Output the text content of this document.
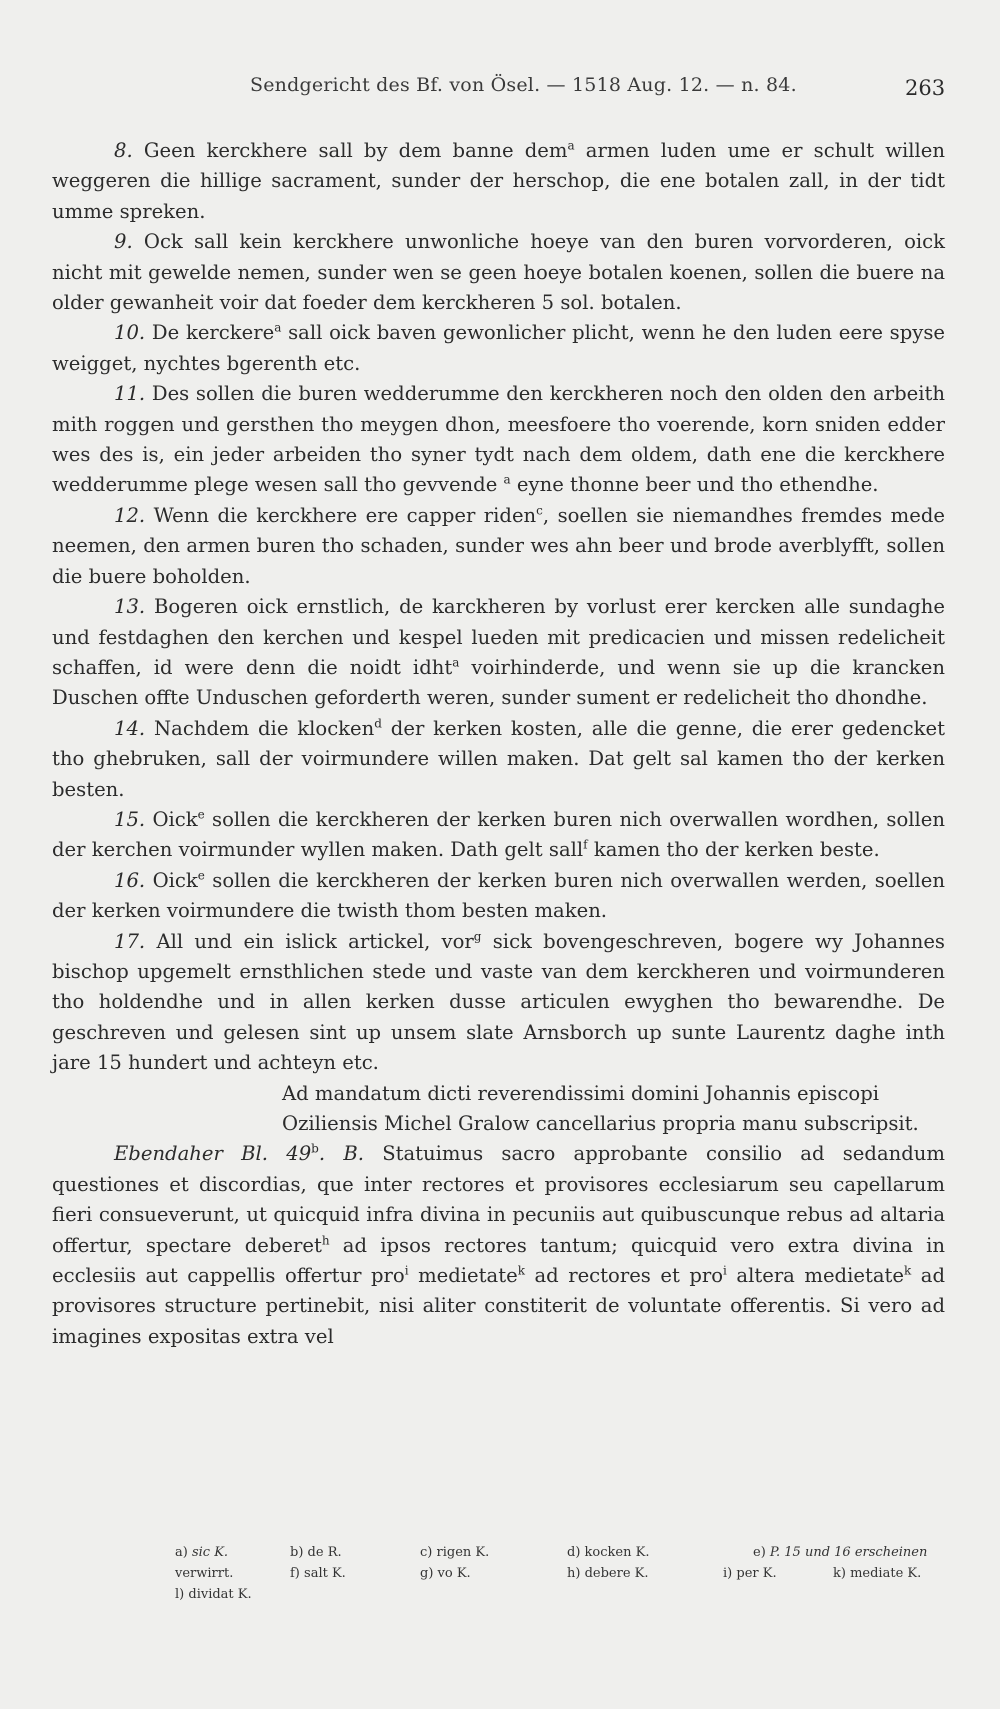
Sendgericht des Bf. von Ösel. — 1518 Aug. 12. — n. 84.	263

8. Geen kerckhere sall by dem banne dem$^a$ armen luden ume er schult willen weggeren die hillige sacrament, sunder der herschop, die ene botalen zall, in der tidt umme spreken.

9. Ock sall kein kerckhere unwonliche hoeye van den buren vorvorderen, oick nicht mit gewelde nemen, sunder wen se geen hoeye botalen koenen, sollen die buere na older gewanheit voir dat foeder dem kerckheren 5 sol. botalen.

10. De kerckere$^a$ sall oick baven gewonlicher plicht, wenn he den luden eere spyse weigget, nychtes bgerenth etc.

11. Des sollen die buren wedderumme den kerckheren noch den olden den arbeith mith roggen und gersthen tho meygen dhon, meesfoere tho voerende, korn sniden edder wes des is, ein jeder arbeiden tho syner tydt nach dem oldem, dath ene die kerckhere wedderumme plege wesen sall tho gevvende $^a$ eyne thonne beer und tho ethendhe.

12. Wenn die kerckhere ere capper riden$^c$, soellen sie niemandhes fremdes mede neemen, den armen buren tho schaden, sunder wes ahn beer und brode averblyfft, sollen die buere boholden.

13. Bogeren oick ernstlich, de karckheren by vorlust erer kercken alle sundaghe und festdaghen den kerchen und kespel lueden mit predicacien und missen redelicheit schaffen, id were denn die noidt idht$^a$ voirhinderde, und wenn sie up die krancken Duschen offte Unduschen geforderth weren, sunder sument er redelicheit tho dhondhe.

14. Nachdem die klocken$^d$ der kerken kosten, alle die genne, die erer gedencket tho ghebruken, sall der voirmundere willen maken. Dat gelt sal kamen tho der kerken besten.

15. Oick$^e$ sollen die kerckheren der kerken buren nich overwallen wordhen, sollen der kerchen voirmunder wyllen maken. Dath gelt sall$^f$ kamen tho der kerken beste.

16. Oick$^e$ sollen die kerckheren der kerken buren nich overwallen werden, soellen der kerken voirmundere die twisth thom besten maken.

17. All und ein islick artickel, vor$^g$ sick bovengeschreven, bogere wy Johannes bischop upgemelt ernsthlichen stede und vaste van dem kerckheren und voirmunderen tho holdendhe und in allen kerken dusse articulen ewyghen tho bewarendhe. De geschreven und gelesen sint up unsem slate Arnsborch up sunte Laurentz daghe inth jare 15 hundert und achteyn etc.

Ad mandatum dicti reverendissimi domini Johannis episcopi

Oziliensis Michel Gralow cancellarius propria manu subscripsit.

Ebendaher Bl. 49$^b$. B. Statuimus sacro approbante consilio ad sedandum questiones et discordias, que inter rectores et provisores ecclesiarum seu capellarum fieri consueverunt, ut quicquid infra divina in pecuniis aut quibuscunque rebus ad altaria offertur, spectare deberet$^h$ ad ipsos rectores tantum; quicquid vero extra divina in ecclesiis aut cappellis offertur pro$^i$ medietate$^k$ ad rectores et pro$^i$ altera medietate$^k$ ad provisores structure pertinebit, nisi aliter constiterit de voluntate offerentis. Si vero ad imagines expositas extra vel

a) sic K.	b) de R.	c) rigen K.	d) kocken K.	e) P. 15 und 16 erscheinen
verwirrt.	f) salt K.	g) vo K.	h) debere K.	i) per K.	k) mediate K.
l) dividat K.
